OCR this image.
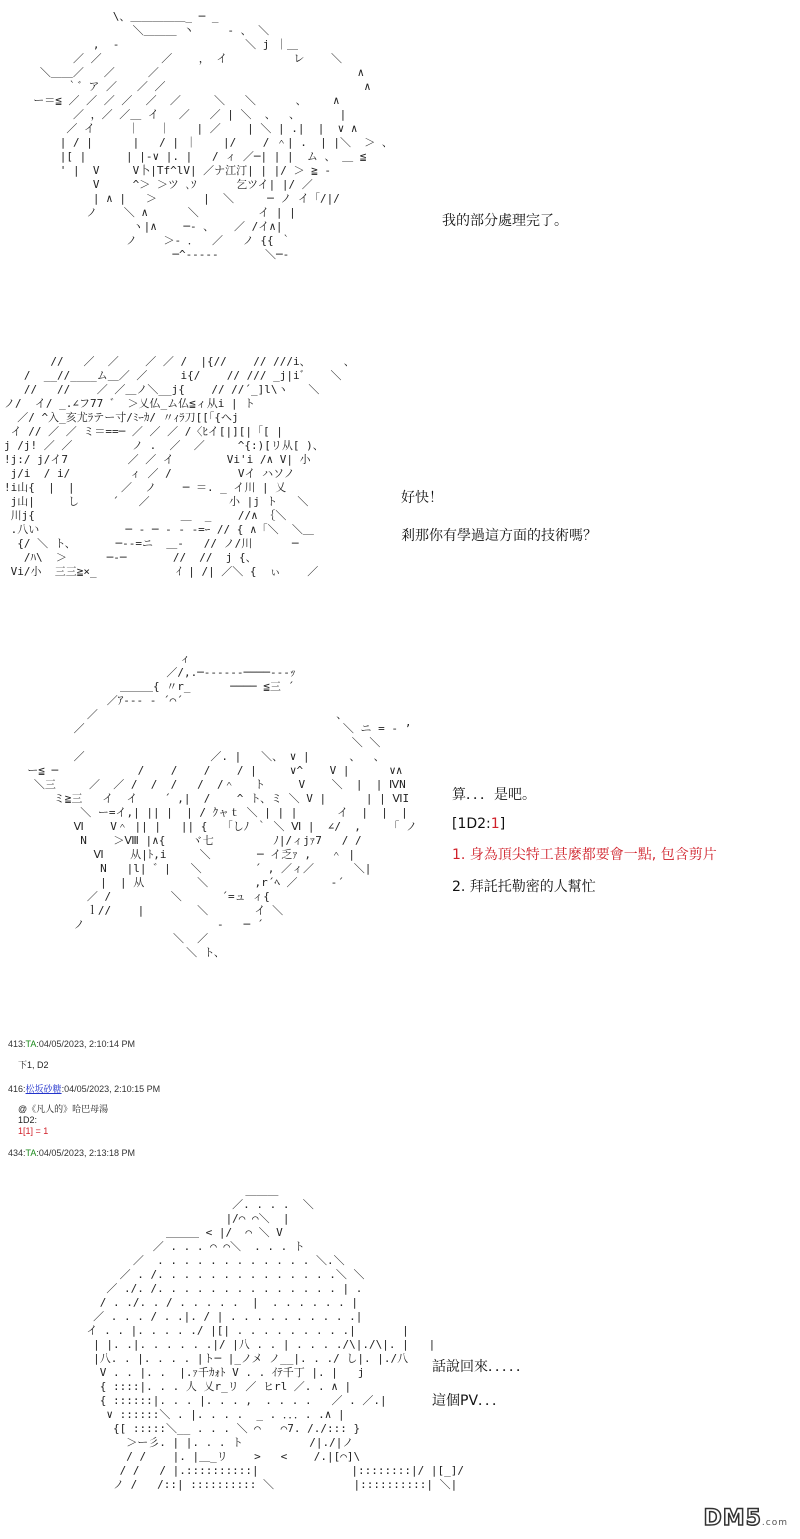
\、＿＿＿＿＿_ ─ _
＼＿＿＿ 丶     ‐ 、 ＼
,  ‐                   ＼ j ｜＿
／ ／         ／    ， イ          レ    ＼
＼＿＿／   ／     ／                              ∧
｀゛ア ／   ／ ／                              ∧
ー＝≦ ／ ／ ／ ／  ／  ／     ＼   ＼      、    ∧
／ ，／ ／＿ イ   ／   ／ | ＼  、  、      |
／ イ     ｜   ｜    | ／    | ＼ | .|  |  ∨ ∧
| / |      |   / | ｜    |/    / ＾| .  | |＼  ＞ 、
|[ |      | |‐∨ |. |   / ィ ／─| | |  ム 、 ＿ ≦
' |  V     V卜|Tf^lV| ／ナ江汀| | |/ ＞ ≧ ‐
V     ^＞ ＞ツ ､ｿ      乞ツイ| |/ ／
| ∧ |   ＞       |  ＼     ─ ノ イ「/|/
ノ    ＼ ∧      ＼         イ | |
ヽ|∧    ─‐ 、   ／ /イ∧|
ノ    ＞‐ ．  ／   ノ {{ ｀
─^‐‐‐‐‐       ＼─‐

我的部分處理完了。
//   ／  ／    ／ ／ /  |{//    // ///i、     、
/  __//____ム＿／ ／     i{/    // /// _j|i゛   ＼
//   //    ／ ／＿ノ＼__j{    // //´_]l\ヽ   ＼
ノ/  イ/ _.∠フ77 ゛ ＞乂仏_ム仏≦ィ从i | ト
／/ ^入_亥尤ﾗテー寸/ﾐｰｶ/ 〃ｨﾗ刀[[「{ヘj
イ // ／ ／ ミ＝==─ ／ ／ ／ /〈ﾋイ[|][|「[ |
j /j! ／ ／         ノ .  ／  ／     ^{:)[リ从[ )、
!j:/ j/イ7         ／ ／ イ        Vi'i /∧ V| 小
j/i  / i/         ィ ／ /          Vイ ハソノ
!i山{  |  |       ／  ノ    ─ ＝. _ イ川 | 乂
j山|     し     ´   ／            小 |j ト   ＼
川j{                      ＿  _    //∧ ｛＼
.八い             ─ ‐ ─ ‐ ‐ ‐=ｰ // { ∧「＼  ＼＿
{/ ＼ ト、      ─‐‐=ニ  ＿‐   // ノ/川      ─
/ﾊ\  ＞      ─‐─       //  //  j {、
Vi/小  三三≧×_            ｲ | /| ／＼ {  ぃ    ／

好快！
剎那你有學過這方面的技術嗎？
ィ
／/,.─‐‐‐‐‐‐────‐‐‐ｯ
＿＿＿{ 〃r_      ──── ≦三 ´
／ｱ‐‐‐ ‐ ´⌒´
／                                    、
／                                       ＼ ニ = ‐ ’
＼ ＼
／                   ／. |   ＼、 ∨ |      、  、
ー≦ ─            /    /    /    / |     ∨^    V |      ∨∧
＼三     ／  ／ /  /  /   /  /＾   ト     V    ＼  |  | ⅣN
ミ≧三   イ  イ    ´ ,|  /    ^ ト、ミ ＼ V |      | | ⅥI
＼ ー=イ,| || |  | / ｸャｔ ＼ | | |      イ  |  |  |
Ⅵ    V＾ || |   || {   ｢しﾉ ｀ ＼ Ⅵ |  ∠/  ,     ｢ ノ
N    ＞Ⅷ |∧{    ヾ七         ﾉ|/ィjｧ7   / /
Ⅵ    从|ﾄ,i     ＼       ─ イ乏ｧ ,   ＾ |
N   |l| ゛|   ＼        ´ , ／ィ／      ＼|
|  | 从        ＼       ,r´ﾍ ／     ‐´
／ /         ＼      ´=ュ ィ{
ｌ//    |        ＼       イ ＼
ノ                    ‐   ─ ´
＼  ／
＼ ト、

算．．．是吧。
[1D2:1]
1. 身為頂尖特工甚麼都要會一點, 包含剪片
2. 拜託托勒密的人幫忙
413:TA:04/05/2023, 2:10:14 PM
下1, D2
416:松坂砂糖:04/05/2023, 2:10:15 PM
@《凡人的》哈巴母湯
1D2:
1[1] = 1
434:TA:04/05/2023, 2:13:18 PM
＿＿＿
／. . . .  ＼
|/⌒ ⌒＼  |
＿＿＿ < |/  ⌒ ＼ V
／ . . . ⌒ ⌒＼  . . . ト
／  . . . . . . . . . . . . ＼.＼
／ . /. . . . . . . . . . . . . .＼ ＼
／ ./. /. . . . . . . . . . . . . . | .
/ . ./. . / . . . . .  |  . . . . . . |
／ . . . / . .|. / | . . . . . . . . . .|
イ . . |. . . . ./ |[| . . . . . . . . .|       |
| |. .|. . . . . .|/ |八 . . | . . . ./\|./\|. |   |
|八. . |. . . . |ト─ |_ノメ ノ__|. . ./ し|. |./八
V . . |. .  |.ｧ千ｶｫﾄ V . . ｲﾃ千丁 |. |   j
{ ::::|. . . 人 乂r_リ ／ ヒrl ／. . ∧ |
{ ::::::|. . . |. . . ,  . . . .   ／ . ／.|
∨ ::::::＼ . |. . . .  _ . ．．．. .∧ |
{[ :::::＼__ . . . ＼ ⌒   ⌒7. /./::: }
＞ー彡. | |. . . ト          /|./|ノ
/ /    |. |＿_リ    >   <    /.|[⌒]\
/ /   / |.::::::::::|              |::::::::|/ |[_]/
ノ /   /::| :::::::::: ＼            |::::::::::| ＼|

話說回來．．．．．
這個PV．．．
DM5.com
